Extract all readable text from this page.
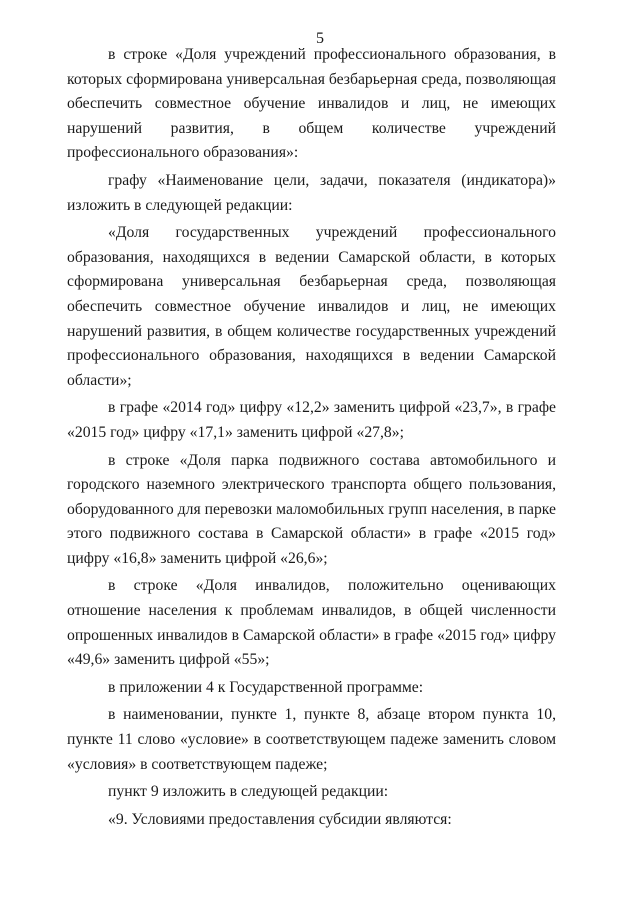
5

в строке «Доля учреждений профессионального образования, в которых сформирована универсальная безбарьерная среда, позволяющая обеспечить совместное обучение инвалидов и лиц, не имеющих нарушений развития, в общем количестве учреждений профессионального образования»:

графу «Наименование цели, задачи, показателя (индикатора)» изложить в следующей редакции:

«Доля государственных учреждений профессионального образования, находящихся в ведении Самарской области, в которых сформирована универсальная безбарьерная среда, позволяющая обеспечить совместное обучение инвалидов и лиц, не имеющих нарушений развития, в общем количестве государственных учреждений профессионального образования, находящихся в ведении Самарской области»;

в графе «2014 год» цифру «12,2» заменить цифрой «23,7», в графе «2015 год» цифру «17,1» заменить цифрой «27,8»;

в строке «Доля парка подвижного состава автомобильного и городского наземного электрического транспорта общего пользования, оборудованного для перевозки маломобильных групп населения, в парке этого подвижного состава в Самарской области» в графе «2015 год» цифру «16,8» заменить цифрой «26,6»;

в строке «Доля инвалидов, положительно оценивающих отношение населения к проблемам инвалидов, в общей численности опрошенных инвалидов в Самарской области» в графе «2015 год» цифру «49,6» заменить цифрой «55»;

в приложении 4 к Государственной программе:

в наименовании, пункте 1, пункте 8, абзаце втором пункта 10, пункте 11 слово «условие» в соответствующем падеже заменить словом «условия» в соответствующем падеже;

пункт 9 изложить в следующей редакции:

«9. Условиями предоставления субсидии являются:
